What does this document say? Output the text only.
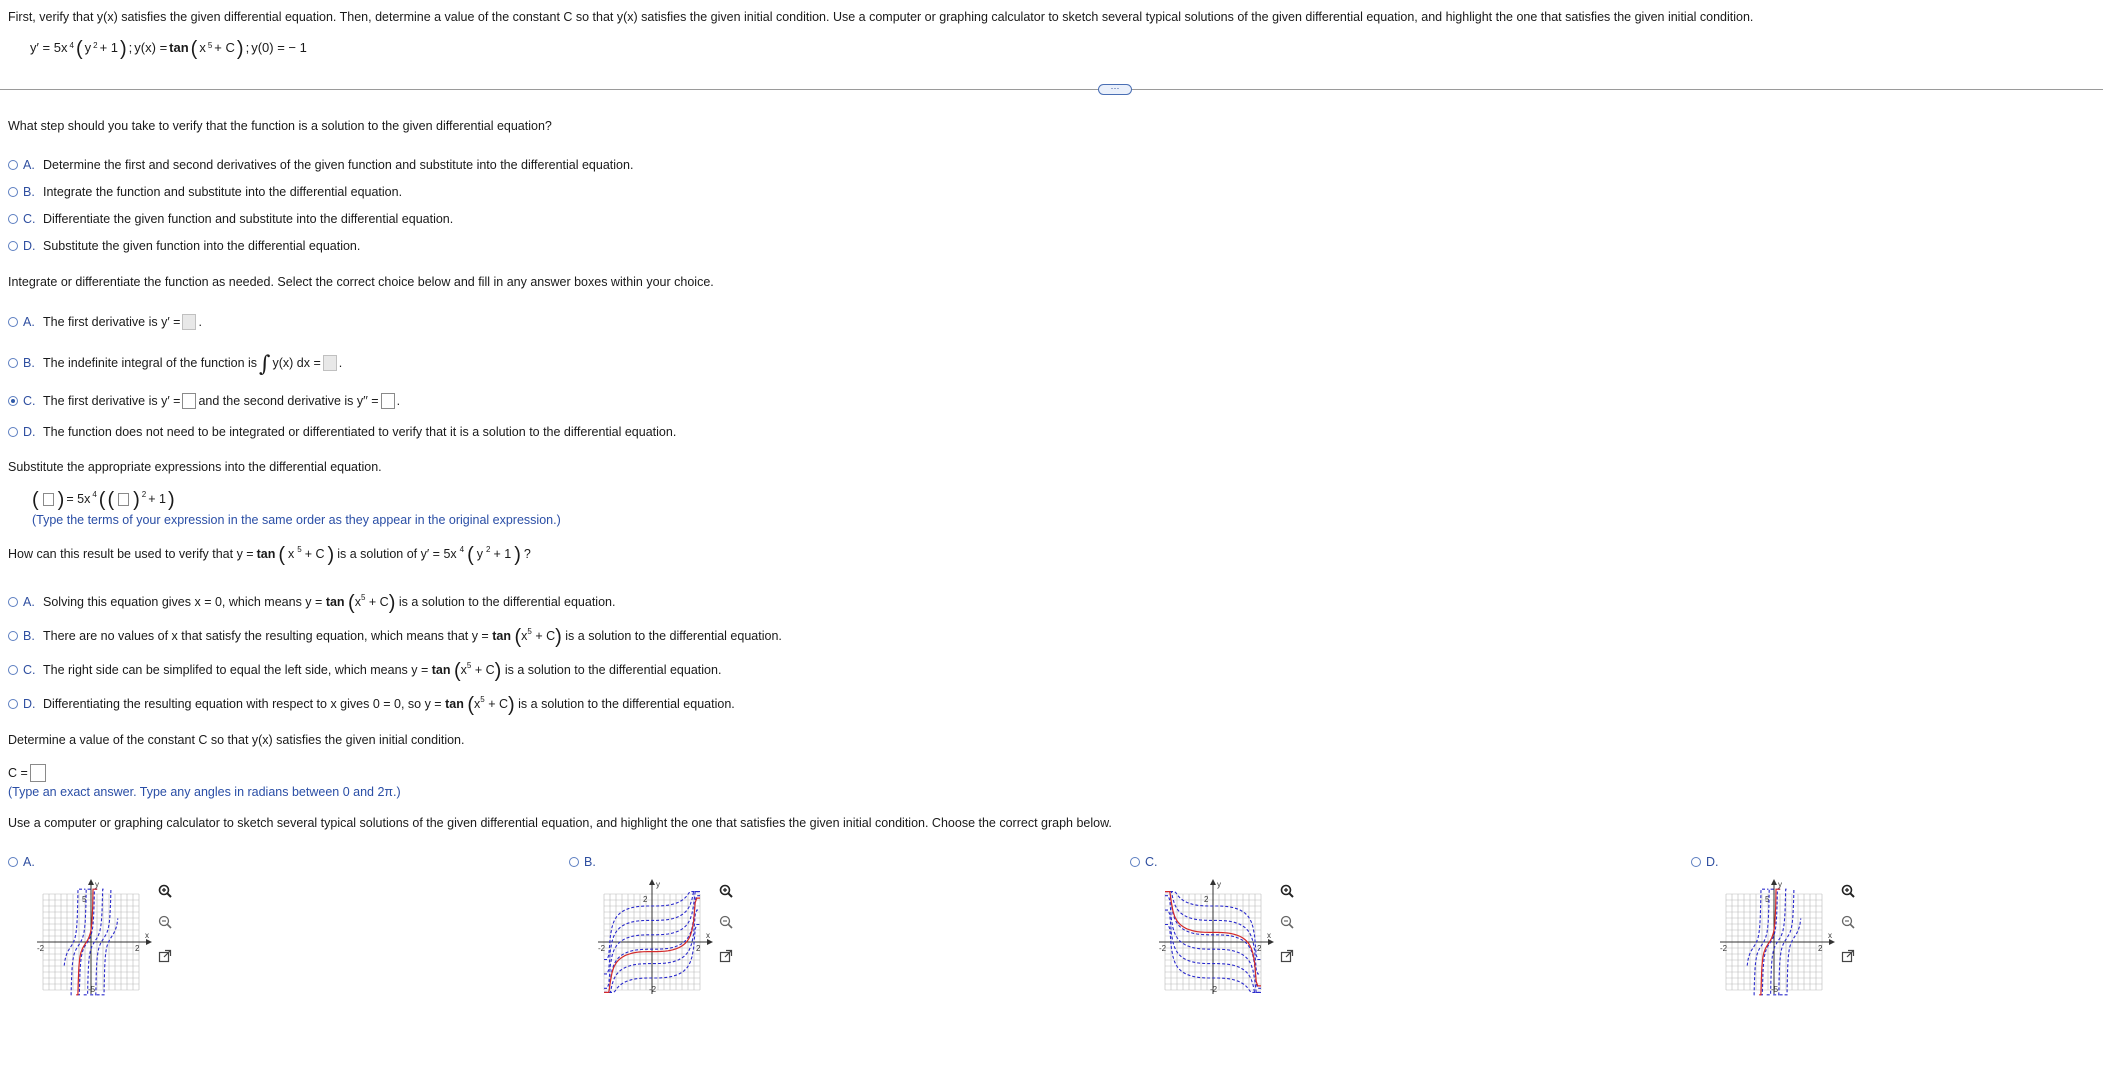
First, verify that y(x) satisfies the given differential equation. Then, determine a value of the constant C so that y(x) satisfies the given initial condition. Use a computer or graphing calculator to sketch several typical solutions of the given differential equation, and highlight the one that satisfies the given initial condition.
y′ = 5x $^4$ ( y $^2$ + 1 ) ; y(x) = tan ( x $^5$ + C ) ; y(0) = − 1
⋯
What step should you take to verify that the function is a solution to the given differential equation?
A. Determine the first and second derivatives of the given function and substitute into the differential equation.
B. Integrate the function and substitute into the differential equation.
C. Differentiate the given function and substitute into the differential equation.
D. Substitute the given function into the differential equation.
Integrate or differentiate the function as needed. Select the correct choice below and fill in any answer boxes within your choice.
A. The first derivative is y′ = .
B. The indefinite integral of the function is ∫ y(x) dx = .
C. The first derivative is y′ = and the second derivative is y′′ = .
D. The function does not need to be integrated or differentiated to verify that it is a solution to the differential equation.
Substitute the appropriate expressions into the differential equation.
( ) = 5x $^4$ ( ( ) $^2$ + 1 )
(Type the terms of your expression in the same order as they appear in the original expression.)
How can this result be used to verify that y = tan ( x $^5$ + C ) is a solution of y′ = 5x $^4$ ( y $^2$ + 1 ) ?
A. Solving this equation gives x = 0, which means y =
tan
( $x^5$
+ C )
is a solution to the differential equation.
B. There are no values of x that satisfy the resulting equation, which means that y =
tan
( $x^5$
+ C )
is a solution to the differential equation.
C. The right side can be simplifed to equal the left side, which means y =
tan
( $x^5$
+ C )
is a solution to the differential equation.
D. Differentiating the resulting equation with respect to x gives 0 = 0, so y =
tan
( $x^5$
+ C )
is a solution to the differential equation.
Determine a value of the constant C so that y(x) satisfies the given initial condition.
C =
(Type an exact answer. Type any angles in radians between 0 and 2π.)
Use a computer or graphing calculator to sketch several typical solutions of the given differential equation, and highlight the one that satisfies the given initial condition. Choose the correct graph below.
A.
y
x
5
-5
-2	2
B.
y
x
2
-2
-2	2
C.
y
x
2
-2
-2	2
D.
y
x
5
-5
-2	2
